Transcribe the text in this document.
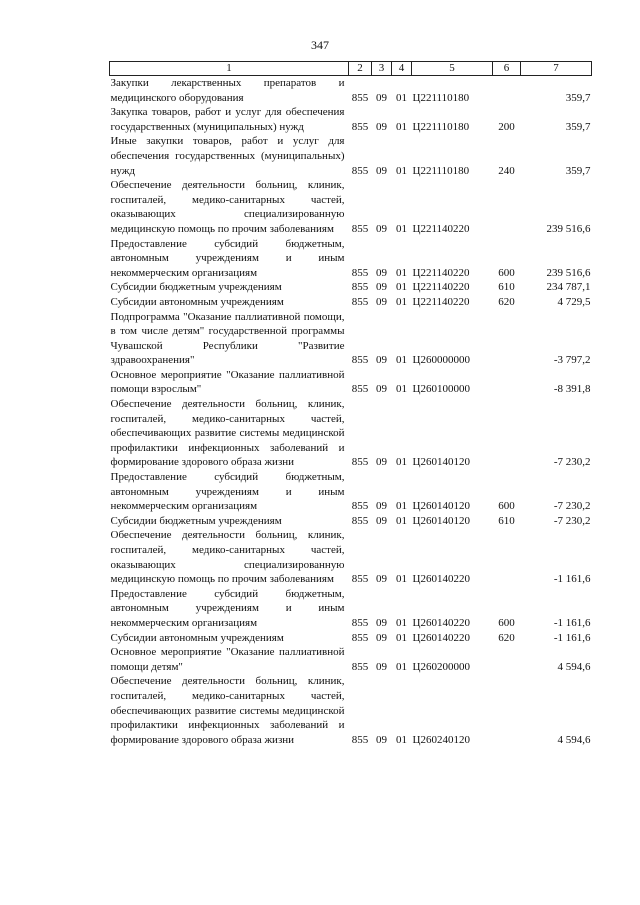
347
1	2	3	4	5	6	7
Закупки лекарственных препаратов и медицинского оборудования	855	09	01	Ц221110180		359,7
Закупка товаров, работ и услуг для обеспечения государственных (муниципальных) нужд	855	09	01	Ц221110180	200	359,7
Иные закупки товаров, работ и услуг для обеспечения государственных (муниципальных) нужд	855	09	01	Ц221110180	240	359,7
Обеспечение деятельности больниц, клиник, госпиталей, медико-санитарных частей, оказывающих специализированную медицинскую помощь по прочим заболеваниям	855	09	01	Ц221140220		239 516,6
Предоставление субсидий бюджетным, автономным учреждениям и иным некоммерческим организациям	855	09	01	Ц221140220	600	239 516,6
Субсидии бюджетным учреждениям	855	09	01	Ц221140220	610	234 787,1
Субсидии автономным учреждениям	855	09	01	Ц221140220	620	4 729,5
Подпрограмма "Оказание паллиативной помощи, в том числе детям" государственной программы Чувашской Республики "Развитие здравоохранения"	855	09	01	Ц260000000		-3 797,2
Основное мероприятие "Оказание паллиативной помощи взрослым"	855	09	01	Ц260100000		-8 391,8
Обеспечение деятельности больниц, клиник, госпиталей, медико-санитарных частей, обеспечивающих развитие системы медицинской профилактики инфекционных заболеваний и формирование здорового образа жизни	855	09	01	Ц260140120		-7 230,2
Предоставление субсидий бюджетным, автономным учреждениям и иным некоммерческим организациям	855	09	01	Ц260140120	600	-7 230,2
Субсидии бюджетным учреждениям	855	09	01	Ц260140120	610	-7 230,2
Обеспечение деятельности больниц, клиник, госпиталей, медико-санитарных частей, оказывающих специализированную медицинскую помощь по прочим заболеваниям	855	09	01	Ц260140220		-1 161,6
Предоставление субсидий бюджетным, автономным учреждениям и иным некоммерческим организациям	855	09	01	Ц260140220	600	-1 161,6
Субсидии автономным учреждениям	855	09	01	Ц260140220	620	-1 161,6
Основное мероприятие "Оказание паллиативной помощи детям"	855	09	01	Ц260200000		4 594,6
Обеспечение деятельности больниц, клиник, госпиталей, медико-санитарных частей, обеспечивающих развитие системы медицинской профилактики инфекционных заболеваний и формирование здорового образа жизни	855	09	01	Ц260240120		4 594,6
